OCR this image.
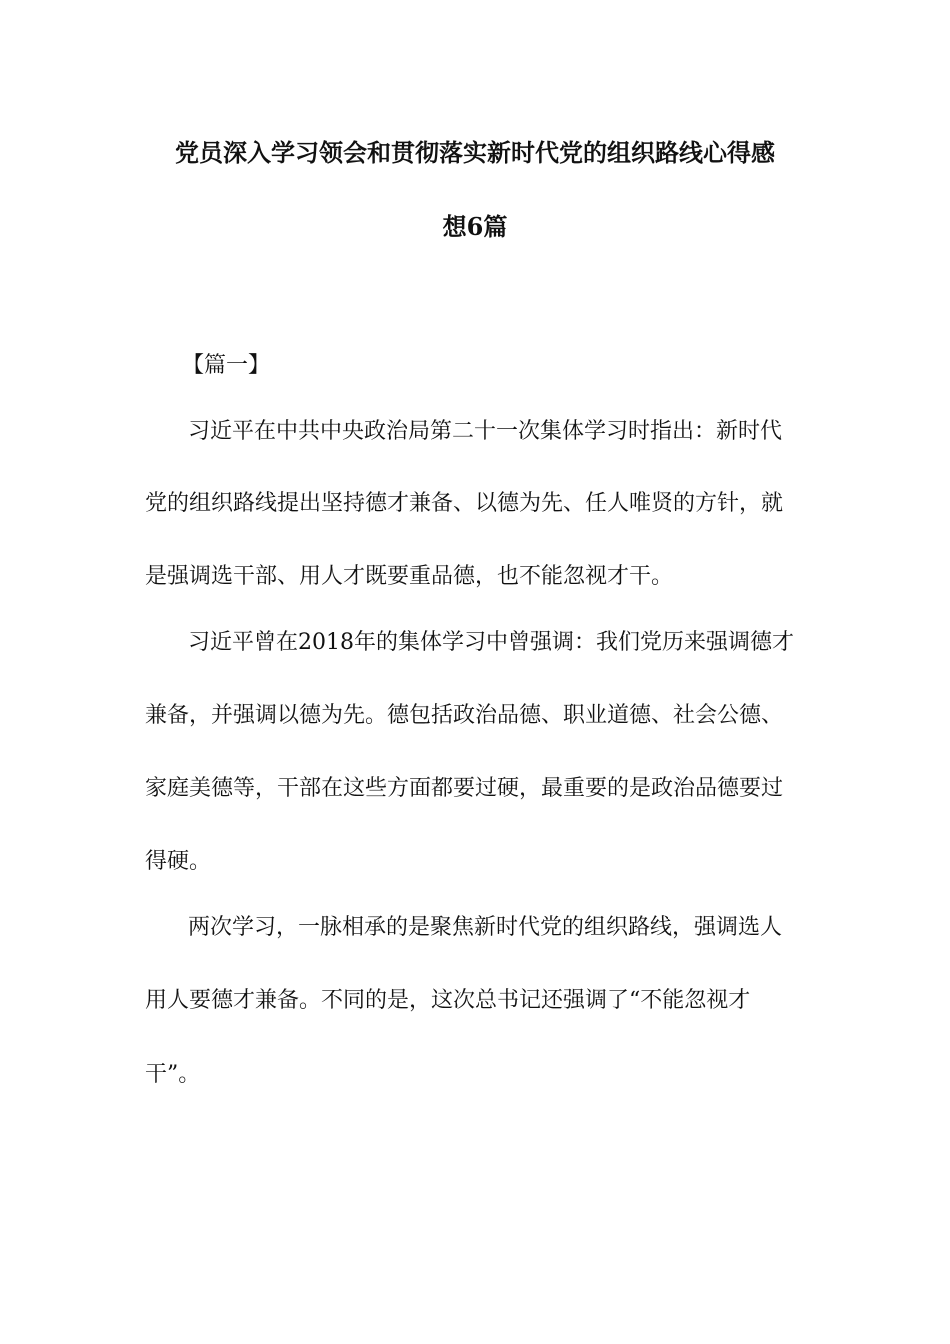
党员深入学习领会和贯彻落实新时代党的组织路线心得感
想6篇
【篇一】
习近平在中共中央政治局第二十一次集体学习时指出：新时代
党的组织路线提出坚持德才兼备、以德为先、任人唯贤的方针，就
是强调选干部、用人才既要重品德，也不能忽视才干。
习近平曾在2018年的集体学习中曾强调：我们党历来强调德才
兼备，并强调以德为先。德包括政治品德、职业道德、社会公德、
家庭美德等，干部在这些方面都要过硬，最重要的是政治品德要过
得硬。
两次学习，一脉相承的是聚焦新时代党的组织路线，强调选人
用人要德才兼备。不同的是，这次总书记还强调了“不能忽视才
干”。
